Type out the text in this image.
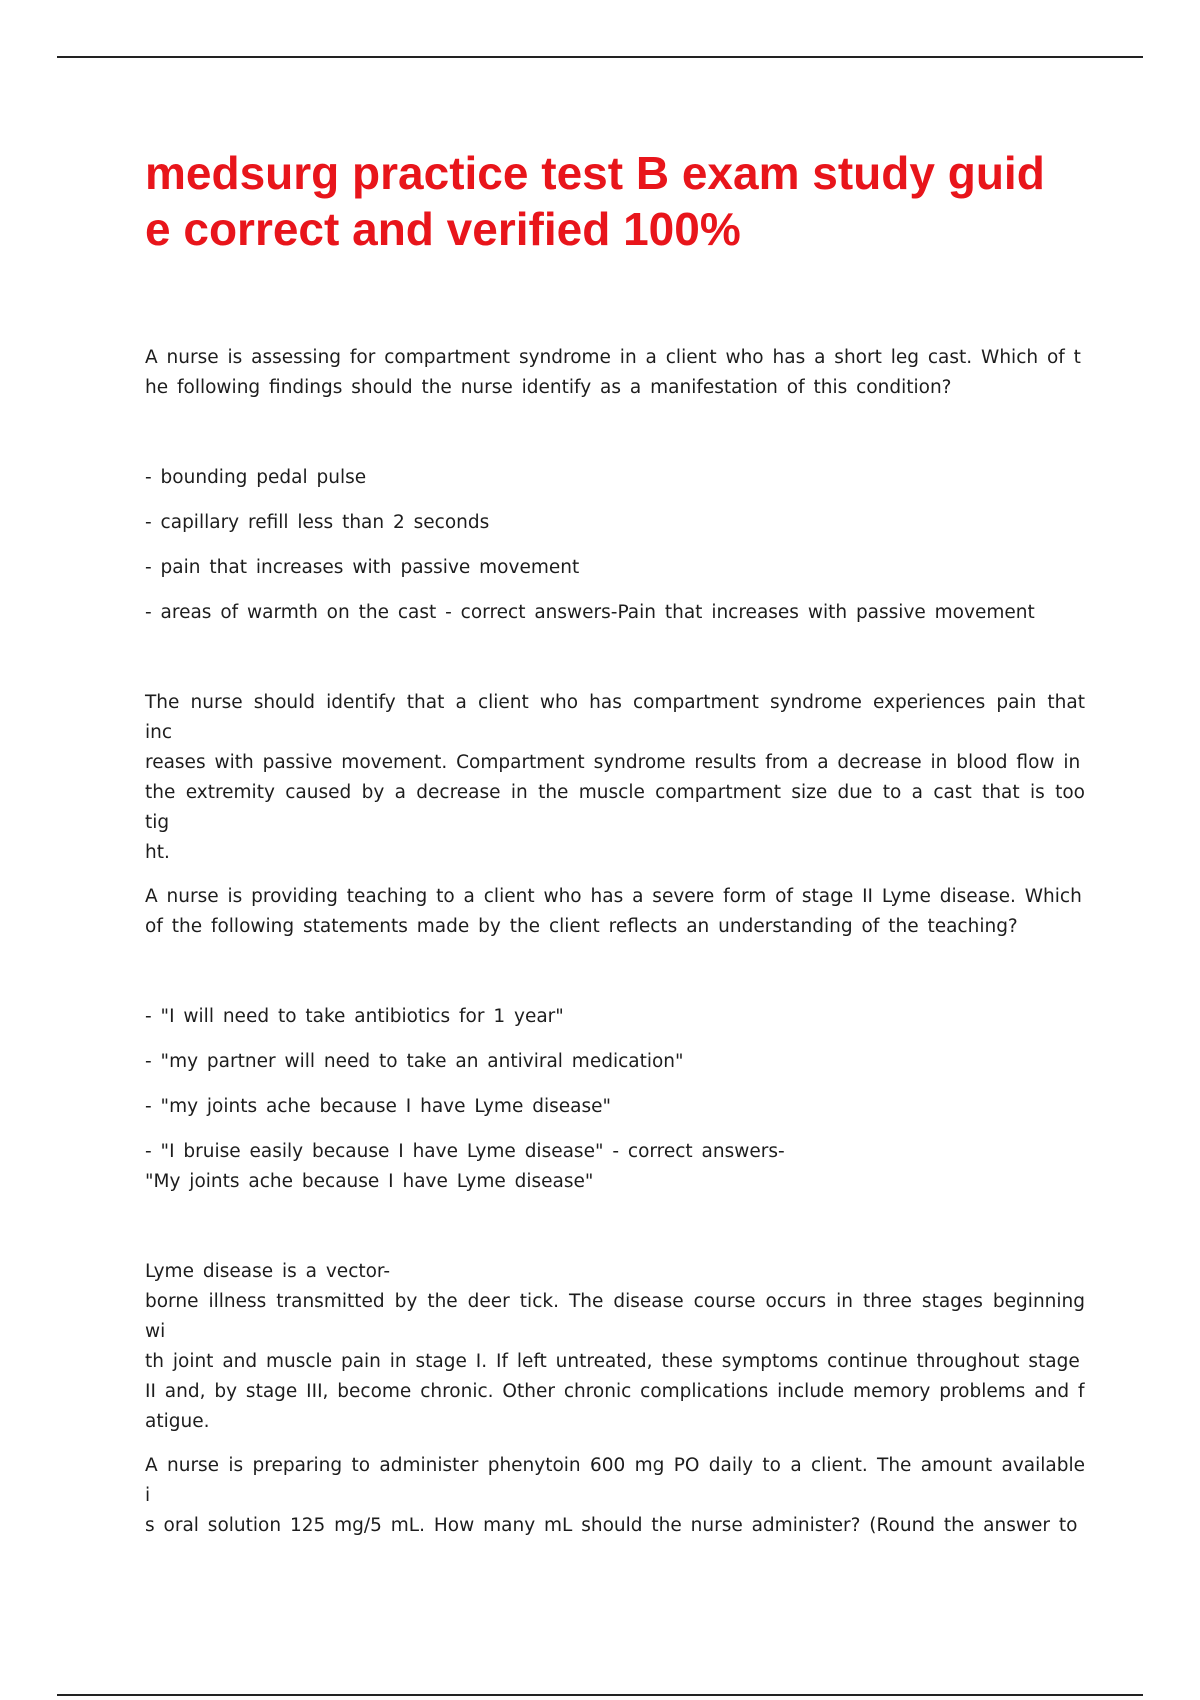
medsurg practice test B exam study guid
e correct and verified 100%

A nurse is assessing for compartment syndrome in a client who has a short leg cast. Which of t
he following findings should the nurse identify as a manifestation of this condition?

- bounding pedal pulse

- capillary refill less than 2 seconds

- pain that increases with passive movement

- areas of warmth on the cast - correct answers-Pain that increases with passive movement

The nurse should identify that a client who has compartment syndrome experiences pain that inc
reases with passive movement. Compartment syndrome results from a decrease in blood flow in
the extremity caused by a decrease in the muscle compartment size due to a cast that is too tig
ht.

A nurse is providing teaching to a client who has a severe form of stage II Lyme disease. Which
of the following statements made by the client reflects an understanding of the teaching?

- "I will need to take antibiotics for 1 year"

- "my partner will need to take an antiviral medication"

- "my joints ache because I have Lyme disease"

- "I bruise easily because I have Lyme disease" - correct answers-
"My joints ache because I have Lyme disease"

Lyme disease is a vector-
borne illness transmitted by the deer tick. The disease course occurs in three stages beginning wi
th joint and muscle pain in stage I. If left untreated, these symptoms continue throughout stage
II and, by stage III, become chronic. Other chronic complications include memory problems and f
atigue.

A nurse is preparing to administer phenytoin 600 mg PO daily to a client. The amount available i
s oral solution 125 mg/5 mL. How many mL should the nurse administer? (Round the answer to
